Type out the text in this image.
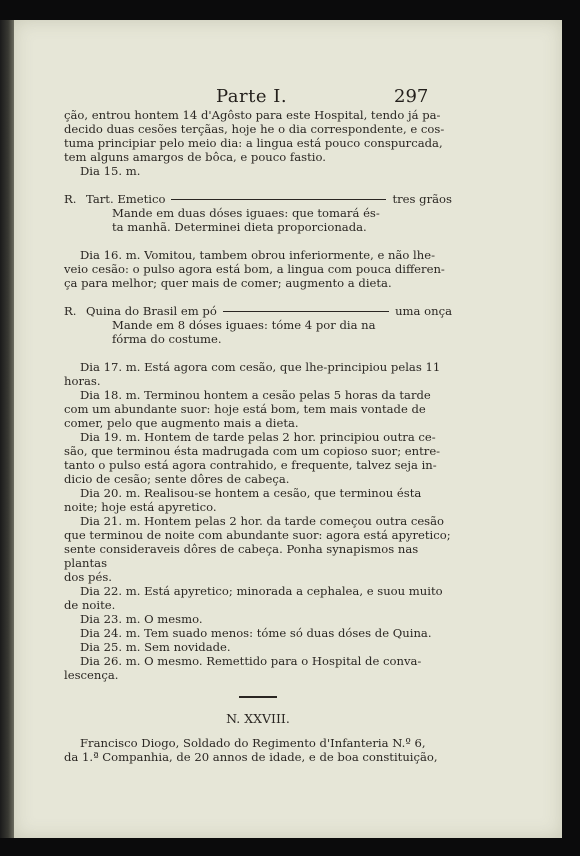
Parte I.	297
ção, entrou hontem 14 d'Agôsto para este Hospital, tendo já pa-
decido duas cesões terçãas, hoje he o dia correspondente, e cos-
tuma principiar pelo meio dia: a lingua está pouco conspurcada,
tem alguns amargos de bôca, e pouco fastio.
Dia 15. m.
R. Tart. Emetico	tres grãos
Mande em duas dóses iguaes: que tomará és-
ta manhã. Determinei dieta proporcionada.
Dia 16. m. Vomitou, tambem obrou inferiormente, e não lhe-
veio cesão: o pulso agora está bom, a lingua com pouca differen-
ça para melhor; quer mais de comer; augmento a dieta.
R. Quina do Brasil em pó	uma onça
Mande em 8 dóses iguaes: tóme 4 por dia na
fórma do costume.
Dia 17. m. Está agora com cesão, que lhe-principiou pelas 11
horas.
Dia 18. m. Terminou hontem a cesão pelas 5 horas da tarde
com um abundante suor: hoje está bom, tem mais vontade de
comer, pelo que augmento mais a dieta.
Dia 19. m. Hontem de tarde pelas 2 hor. principiou outra ce-
são, que terminou ésta madrugada com um copioso suor; entre-
tanto o pulso está agora contrahido, e frequente, talvez seja in-
dicio de cesão; sente dôres de cabeça.
Dia 20. m. Realisou-se hontem a cesão, que terminou ésta
noite; hoje está apyretico.
Dia 21. m. Hontem pelas 2 hor. da tarde começou outra cesão
que terminou de noite com abundante suor: agora está apyretico;
sente consideraveis dôres de cabeça. Ponha synapismos nas plantas
dos pés.
Dia 22. m. Está apyretico; minorada a cephalea, e suou muito
de noite.
Dia 23. m. O mesmo.
Dia 24. m. Tem suado menos: tóme só duas dóses de Quina.
Dia 25. m. Sem novidade.
Dia 26. m. O mesmo. Remettido para o Hospital de conva-
lescença.
N. XXVIII.
Francisco Diogo, Soldado do Regimento d'Infanteria N.º 6,
da 1.ª Companhia, de 20 annos de idade, e de boa constituição,
